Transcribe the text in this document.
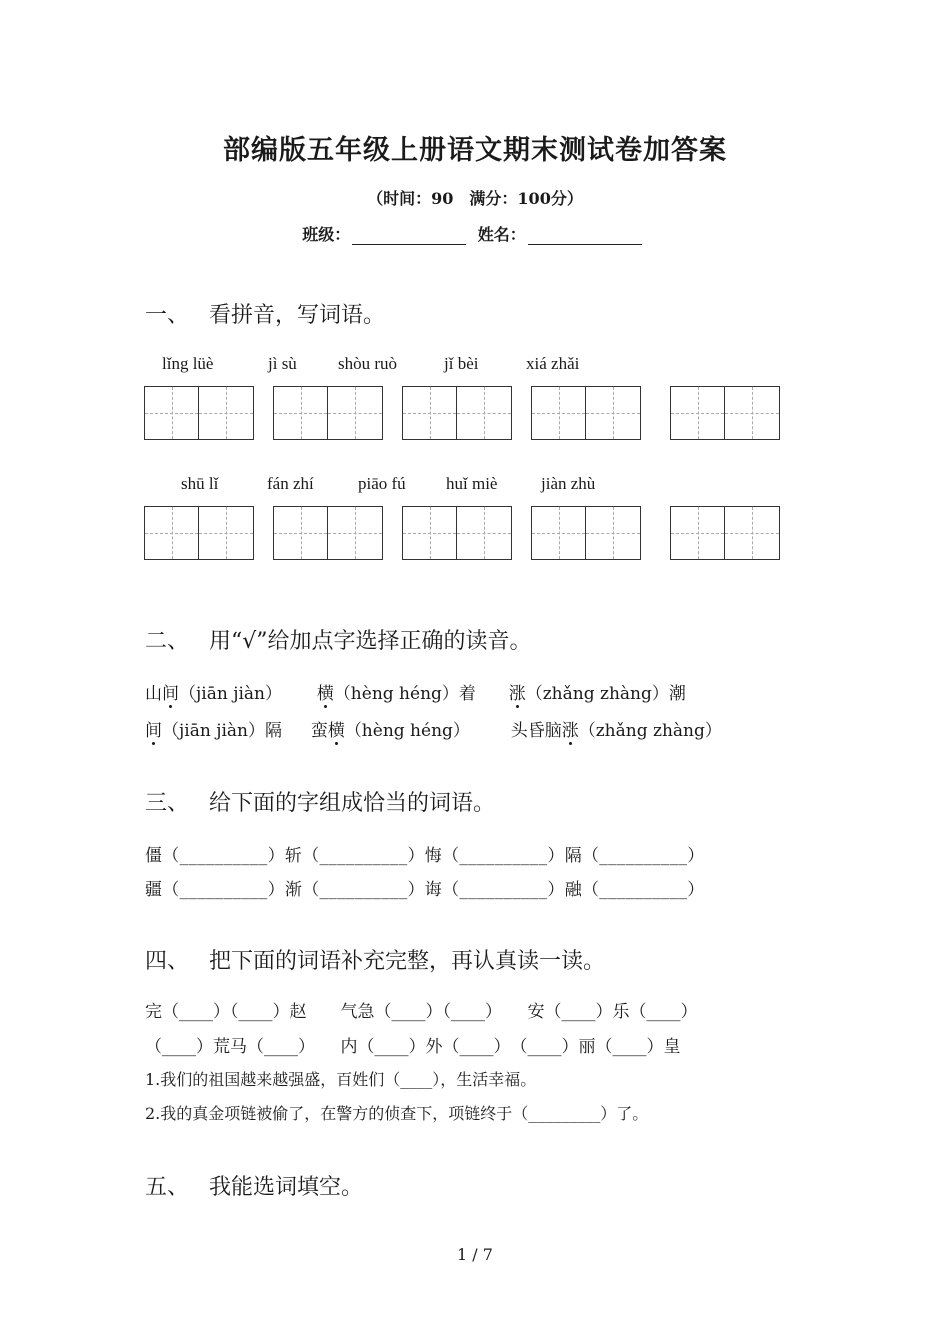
部编版五年级上册语文期末测试卷加答案
（时间：90　满分：100分）
班级：	姓名：
一、 看拼音，写词语。
lǐng lüè	jì sù shòu ruò	jǐ bèi	xiá zhǎi
shū lǐ	fán zhí	piāo fú huǐ miè	jiàn zhù
二、 用“√”给加点字选择正确的读音。
山间（jiān jiàn） 横（hèng héng）着 涨（zhǎng zhàng）潮
间（jiān jiàn）隔 蛮横（hèng héng） 头昏脑涨（zhǎng zhàng）
三、 给下面的字组成恰当的词语。
僵（__________）斩（__________）悔（__________）隔（__________）
疆（__________）渐（__________）诲（__________）融（__________）
四、 把下面的词语补充完整，再认真读一读。
完（____）（____）赵　　气急（____）（____）　　安（____）乐（____）
（____）荒马（____）　　内（____）外（____）　（____）丽（____）皇
1.我们的祖国越来越强盛，百姓们（____），生活幸福。
2.我的真金项链被偷了，在警方的侦查下，项链终于（_________）了。
五、 我能选词填空。
1 / 7
